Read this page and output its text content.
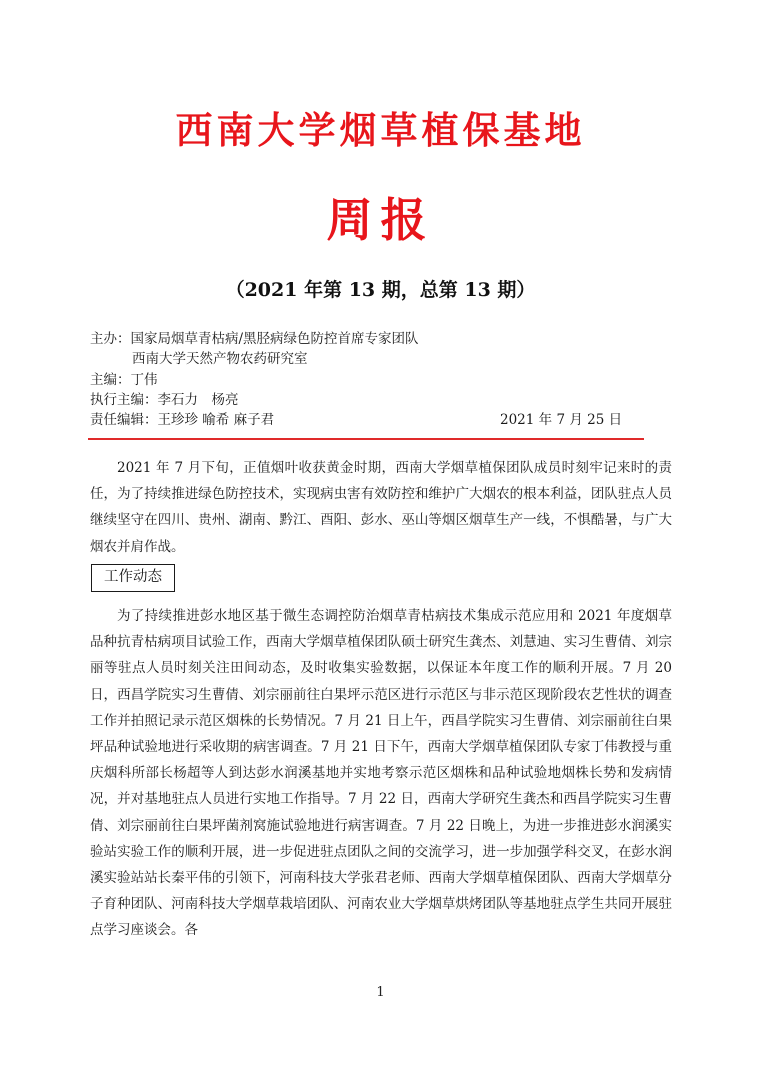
西南大学烟草植保基地
周报
（2021 年第 13 期，总第 13 期）
主办：国家局烟草青枯病/黑胫病绿色防控首席专家团队
西南大学天然产物农药研究室
主编：丁伟
执行主编：李石力　杨亮
责任编辑：王珍珍 喻希 麻子君	2021 年 7 月 25 日
2021 年 7 月下旬，正值烟叶收获黄金时期，西南大学烟草植保团队成员时刻牢记来时的责任，为了持续推进绿色防控技术，实现病虫害有效防控和维护广大烟农的根本利益，团队驻点人员继续坚守在四川、贵州、湖南、黔江、酉阳、彭水、巫山等烟区烟草生产一线，不惧酷暑，与广大烟农并肩作战。
工作动态
为了持续推进彭水地区基于微生态调控防治烟草青枯病技术集成示范应用和 2021 年度烟草品种抗青枯病项目试验工作，西南大学烟草植保团队硕士研究生龚杰、刘慧迪、实习生曹倩、刘宗丽等驻点人员时刻关注田间动态，及时收集实验数据，以保证本年度工作的顺利开展。7 月 20 日，西昌学院实习生曹倩、刘宗丽前往白果坪示范区进行示范区与非示范区现阶段农艺性状的调查工作并拍照记录示范区烟株的长势情况。7 月 21 日上午，西昌学院实习生曹倩、刘宗丽前往白果坪品种试验地进行采收期的病害调查。7 月 21 日下午，西南大学烟草植保团队专家丁伟教授与重庆烟科所部长杨超等人到达彭水润溪基地并实地考察示范区烟株和品种试验地烟株长势和发病情况，并对基地驻点人员进行实地工作指导。7 月 22 日，西南大学研究生龚杰和西昌学院实习生曹倩、刘宗丽前往白果坪菌剂窝施试验地进行病害调查。7 月 22 日晚上，为进一步推进彭水润溪实验站实验工作的顺利开展，进一步促进驻点团队之间的交流学习，进一步加强学科交叉，在彭水润溪实验站站长秦平伟的引领下，河南科技大学张君老师、西南大学烟草植保团队、西南大学烟草分子育种团队、河南科技大学烟草栽培团队、河南农业大学烟草烘烤团队等基地驻点学生共同开展驻点学习座谈会。各
1
